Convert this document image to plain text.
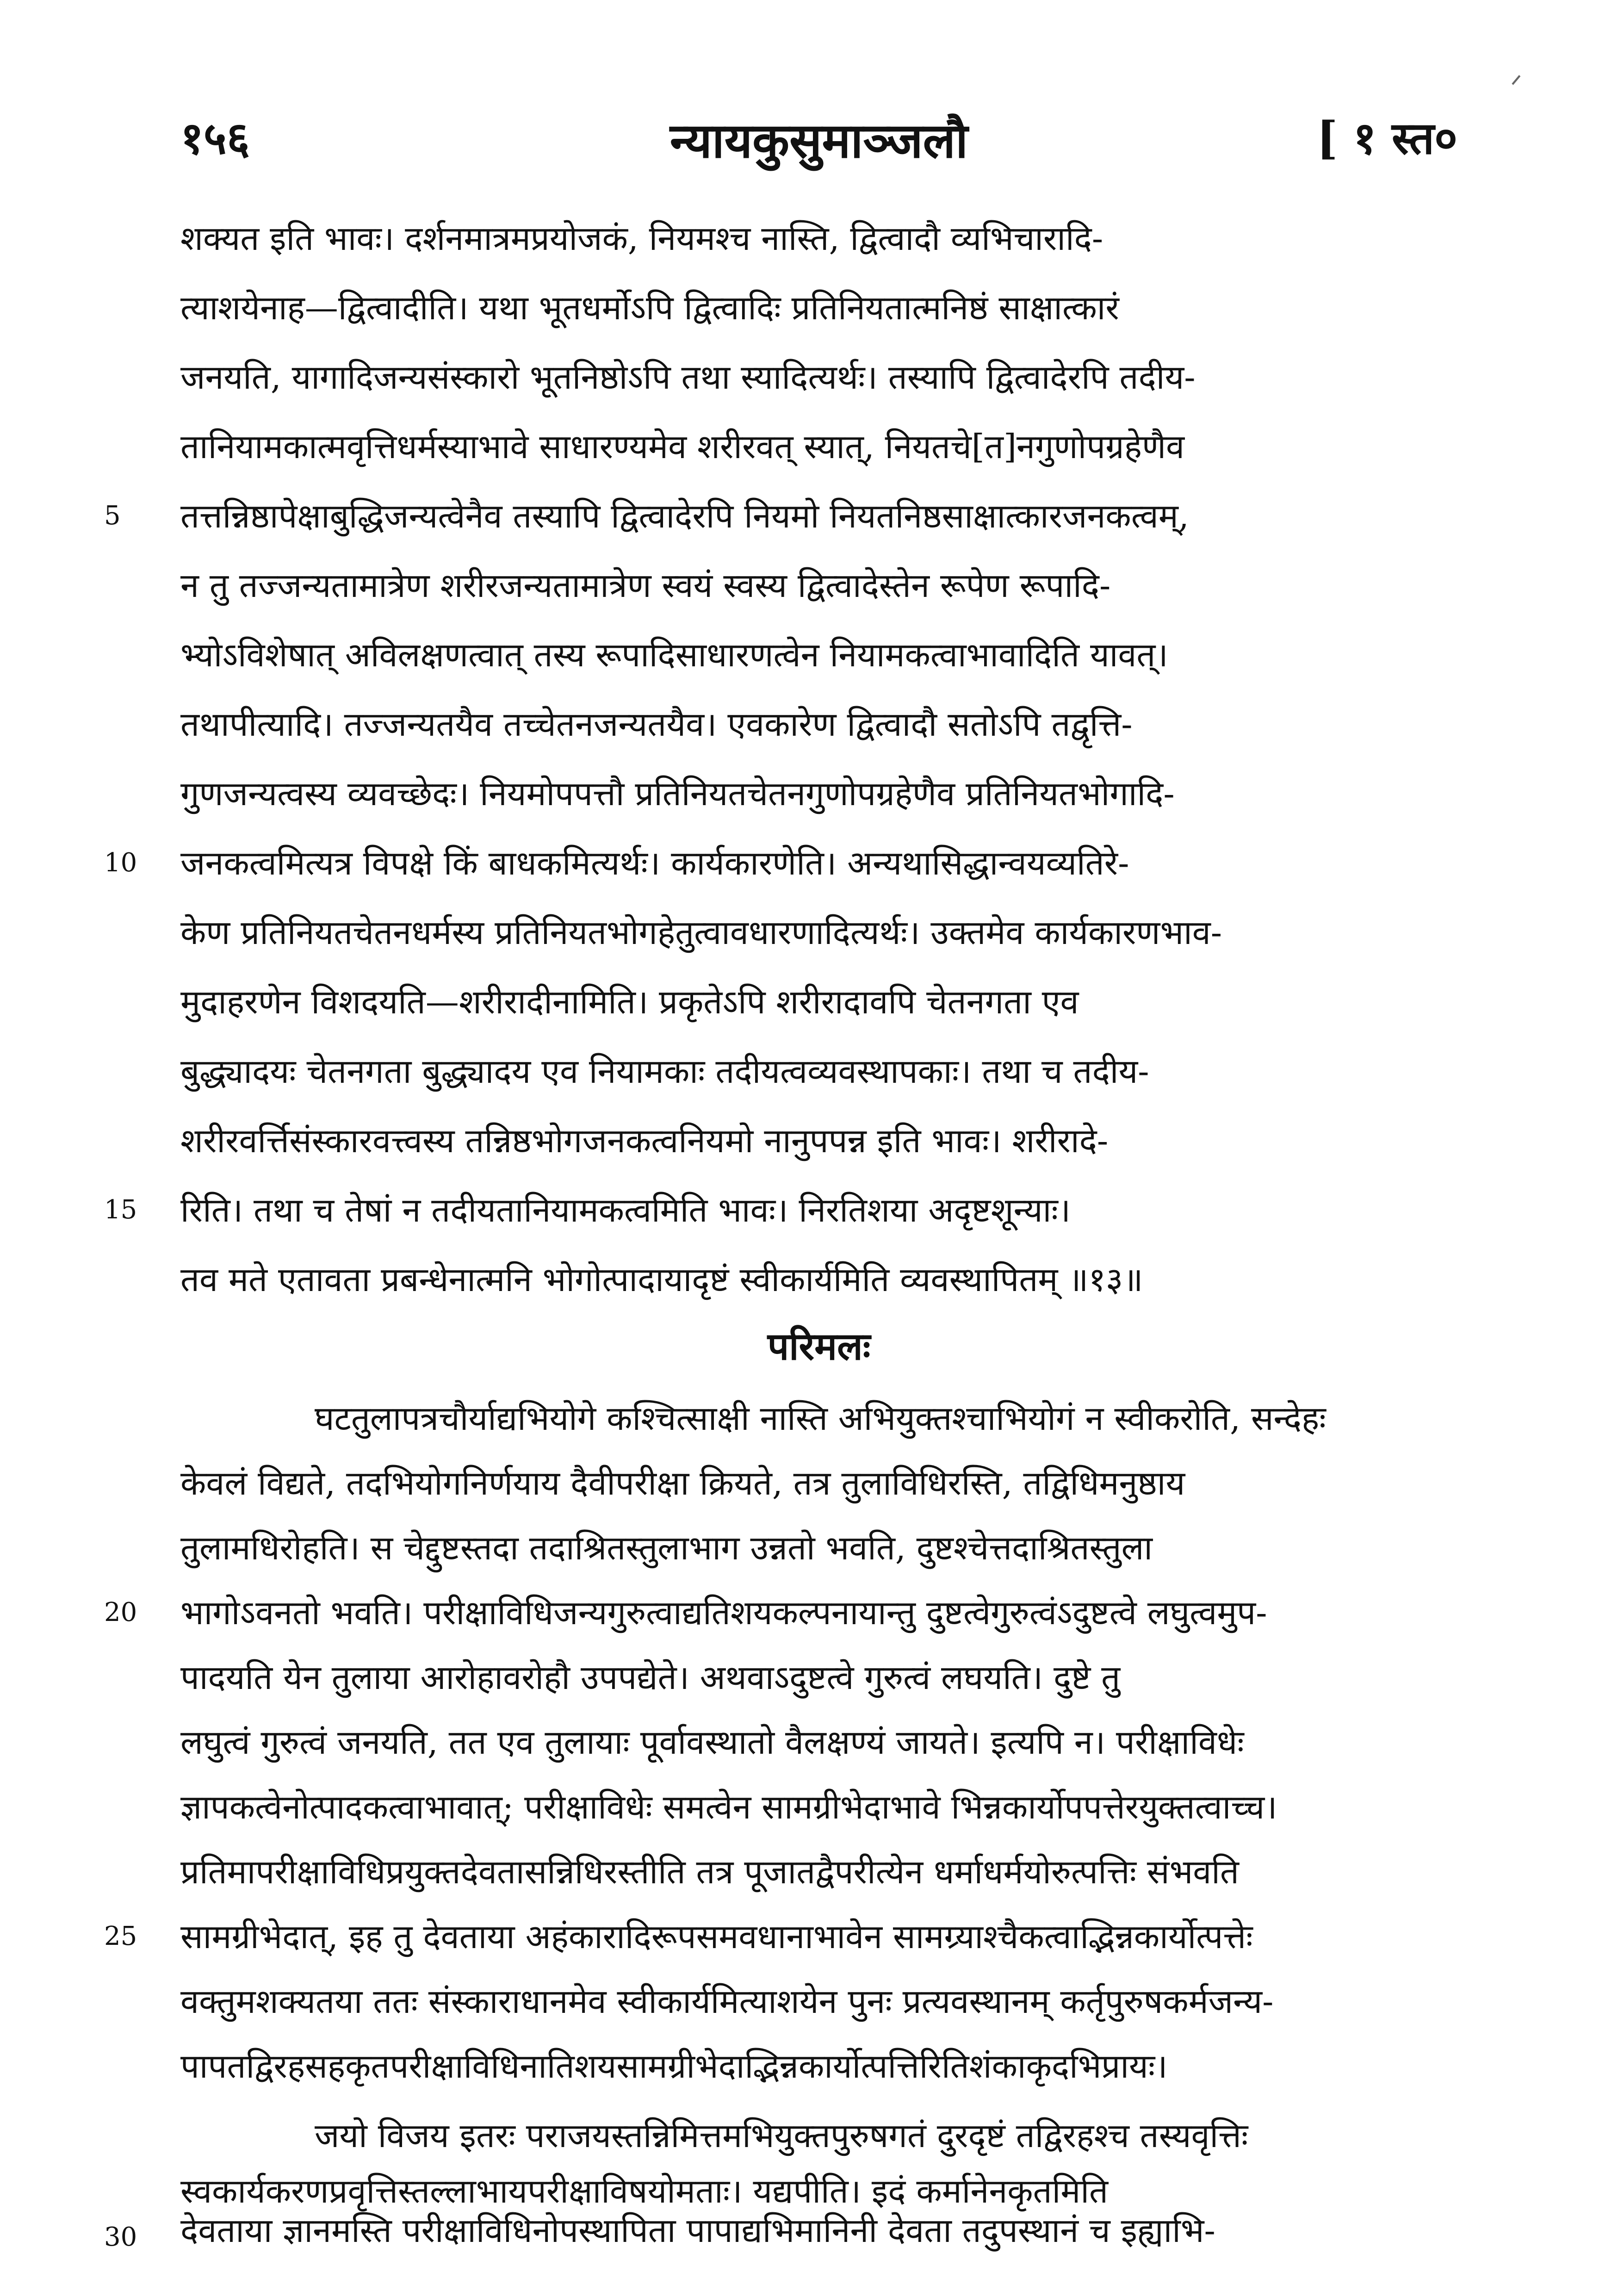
ᐟ
१५६	न्यायकुसुमाञ्जलौ	[ १ स्त०
शक्यत इति भावः। दर्शनमात्रमप्रयोजकं, नियमश्च नास्ति, द्वित्वादौ व्यभिचारादि-
त्याशयेनाह—द्वित्वादीति। यथा भूतधर्मोऽपि द्वित्वादिः प्रतिनियतात्मनिष्ठं साक्षात्कारं
जनयति, यागादिजन्यसंस्कारो भूतनिष्ठोऽपि तथा स्यादित्यर्थः। तस्यापि द्वित्वादेरपि तदीय-
तानियामकात्मवृत्तिधर्मस्याभावे साधारण्यमेव शरीरवत् स्यात्, नियतचे[त]नगुणोपग्रहेणैव
5	तत्तन्निष्ठापेक्षाबुद्धिजन्यत्वेनैव तस्यापि द्वित्वादेरपि नियमो नियतनिष्ठसाक्षात्कारजनकत्वम्,
न तु तज्जन्यतामात्रेण शरीरजन्यतामात्रेण स्वयं स्वस्य द्वित्वादेस्तेन रूपेण रूपादि-
भ्योऽविशेषात् अविलक्षणत्वात् तस्य रूपादिसाधारणत्वेन नियामकत्वाभावादिति यावत्।
तथापीत्यादि। तज्जन्यतयैव तच्चेतनजन्यतयैव। एवकारेण द्वित्वादौ सतोऽपि तद्वृत्ति-
गुणजन्यत्वस्य व्यवच्छेदः। नियमोपपत्तौ प्रतिनियतचेतनगुणोपग्रहेणैव प्रतिनियतभोगादि-
10	जनकत्वमित्यत्र विपक्षे किं बाधकमित्यर्थः। कार्यकारणेति। अन्यथासिद्धान्वयव्यतिरे-
केण प्रतिनियतचेतनधर्मस्य प्रतिनियतभोगहेतुत्वावधारणादित्यर्थः। उक्तमेव कार्यकारणभाव-
मुदाहरणेन विशदयति—शरीरादीनामिति। प्रकृतेऽपि शरीरादावपि चेतनगता एव
बुद्ध्यादयः चेतनगता बुद्ध्यादय एव नियामकाः तदीयत्वव्यवस्थापकाः। तथा च तदीय-
शरीरवर्त्तिसंस्कारवत्त्वस्य तन्निष्ठभोगजनकत्वनियमो नानुपपन्न इति भावः। शरीरादे-
15	रिति। तथा च तेषां न तदीयतानियामकत्वमिति भावः। निरतिशया अदृष्टशून्याः।
तव मते एतावता प्रबन्धेनात्मनि भोगोत्पादायादृष्टं स्वीकार्यमिति व्यवस्थापितम् ॥१३॥
परिमलः
घटतुलापत्रचौर्याद्यभियोगे कश्चित्साक्षी नास्ति अभियुक्तश्चाभियोगं न स्वीकरोति, सन्देहः
केवलं विद्यते, तदभियोगनिर्णयाय दैवीपरीक्षा क्रियते, तत्र तुलाविधिरस्ति, तद्विधिमनुष्ठाय
तुलामधिरोहति। स चेद्दुष्टस्तदा तदाश्रितस्तुलाभाग उन्नतो भवति, दुष्टश्चेत्तदाश्रितस्तुला
20	भागोऽवनतो भवति। परीक्षाविधिजन्यगुरुत्वाद्यतिशयकल्पनायान्तु दुष्टत्वेगुरुत्वंऽदुष्टत्वे लघुत्वमुप-
पादयति येन तुलाया आरोहावरोहौ उपपद्येते। अथवाऽदुष्टत्वे गुरुत्वं लघयति। दुष्टे तु
लघुत्वं गुरुत्वं जनयति, तत एव तुलायाः पूर्वावस्थातो वैलक्षण्यं जायते। इत्यपि न। परीक्षाविधेः
ज्ञापकत्वेनोत्पादकत्वाभावात्; परीक्षाविधेः समत्वेन सामग्रीभेदाभावे भिन्नकार्योपपत्तेरयुक्तत्वाच्च।
प्रतिमापरीक्षाविधिप्रयुक्तदेवतासन्निधिरस्तीति तत्र पूजातद्वैपरीत्येन धर्माधर्मयोरुत्पत्तिः संभवति
25	सामग्रीभेदात्, इह तु देवताया अहंकारादिरूपसमवधानाभावेन सामग्र्याश्चैकत्वाद्भिन्नकार्योत्पत्तेः
वक्तुमशक्यतया ततः संस्काराधानमेव स्वीकार्यमित्याशयेन पुनः प्रत्यवस्थानम् कर्तृपुरुषकर्मजन्य-
पापतद्विरहसहकृतपरीक्षाविधिनातिशयसामग्रीभेदाद्भिन्नकार्योत्पत्तिरितिशंकाकृदभिप्रायः।
जयो विजय इतरः पराजयस्तन्निमित्तमभियुक्तपुरुषगतं दुरदृष्टं तद्विरहश्च तस्यवृत्तिः
स्वकार्यकरणप्रवृत्तिस्तल्लाभायपरीक्षाविषयोमताः। यद्यपीति। इदं कर्मानेनकृतमिति
30	देवताया ज्ञानमस्ति परीक्षाविधिनोपस्थापिता पापाद्यभिमानिनी देवता तदुपस्थानं च इह्याभि-
